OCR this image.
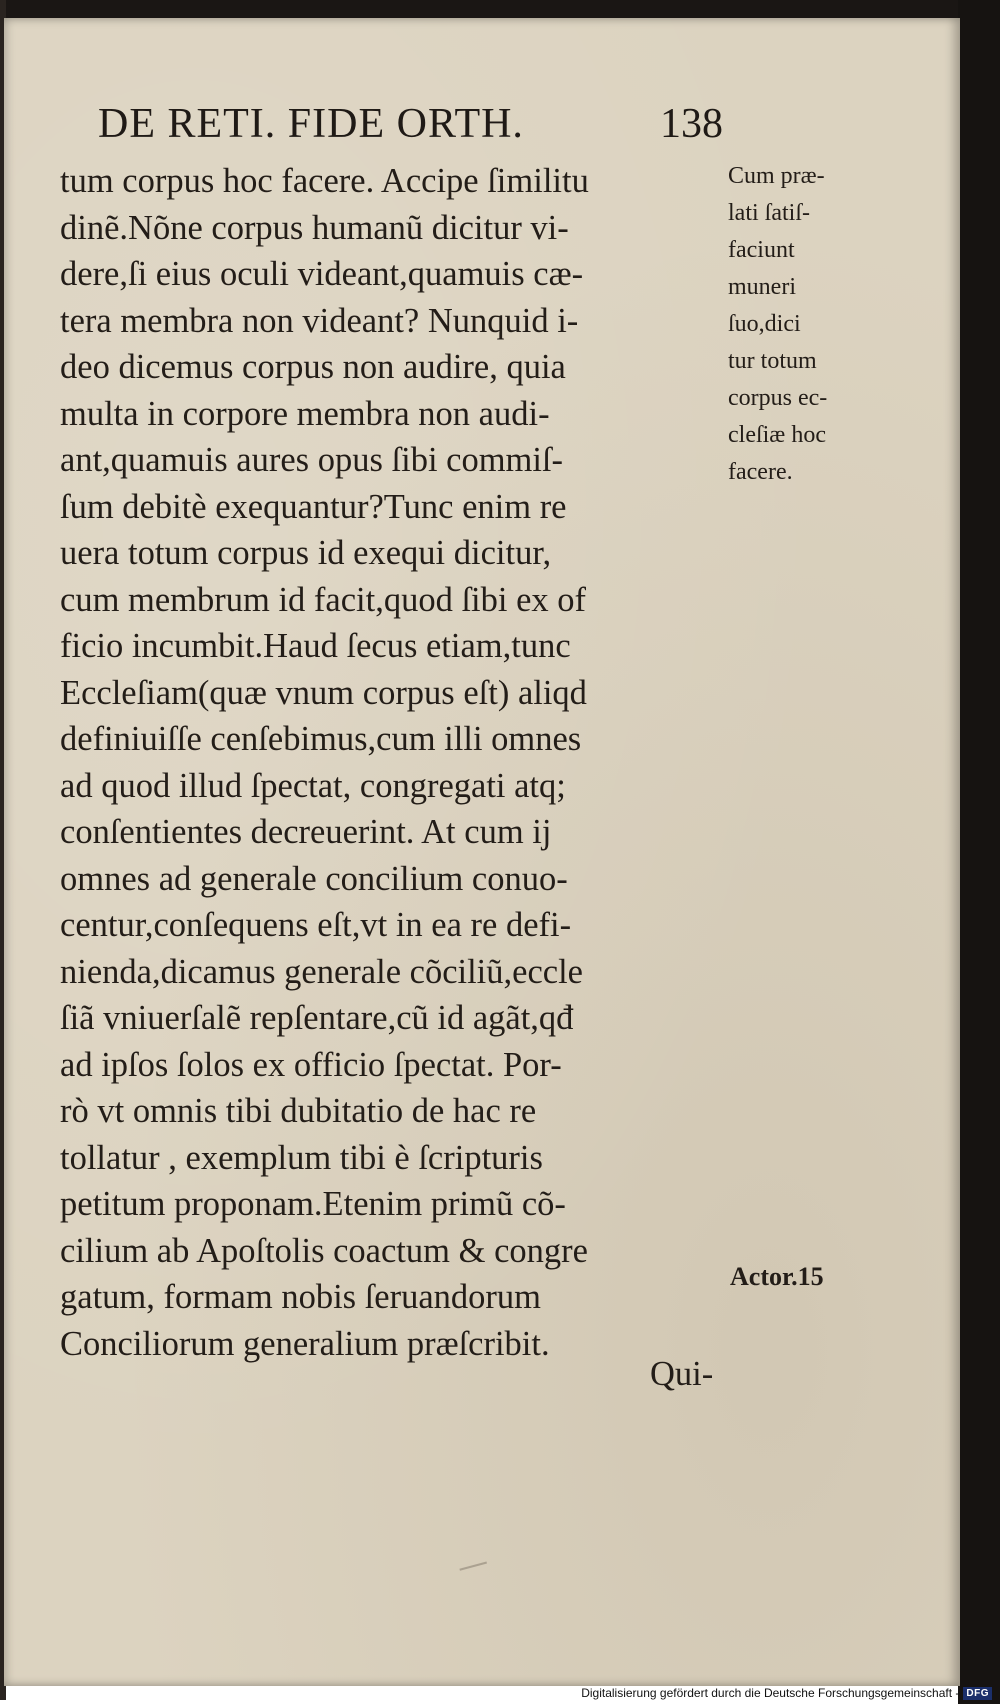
DE RETI. FIDE ORTH.	138
tum corpus hoc facere. Accipe ſimilitu
dinẽ.Nõne corpus humanũ dicitur vi-
dere,ſi eius oculi videant,quamuis cæ-
tera membra non videant? Nunquid i-
deo dicemus corpus non audire, quia
multa in corpore membra non audi-
ant,quamuis aures opus ſibi commiſ-
ſum debitè exequantur?Tunc enim re
uera totum corpus id exequi dicitur,
cum membrum id facit,quod ſibi ex of
ficio incumbit.Haud ſecus etiam,tunc
Eccleſiam(quæ vnum corpus eſt) aliqd
definiuiſſe cenſebimus,cum illi omnes
ad quod illud ſpectat, congregati atq;
conſentientes decreuerint. At cum ij
omnes ad generale concilium conuo-
centur,conſequens eſt,vt in ea re defi-
nienda,dicamus generale cõciliũ,eccle
ſiã vniuerſalẽ repſentare,cũ id agãt,qđ
ad ipſos ſolos ex officio ſpectat. Por-
rò vt omnis tibi dubitatio de hac re
tollatur , exemplum tibi è ſcripturis
petitum proponam.Etenim primũ cõ-
cilium ab Apoſtolis coactum & congre
gatum, formam nobis ſeruandorum
Conciliorum generalium præſcribit.
Qui-
Cum præ-
lati ſatiſ-
faciunt
muneri
ſuo,dici
tur totum
corpus ec-
cleſiæ hoc
facere.
Actor.15
Digitalisierung gefördert durch die Deutsche Forschungsgemeinschaft - DFG
